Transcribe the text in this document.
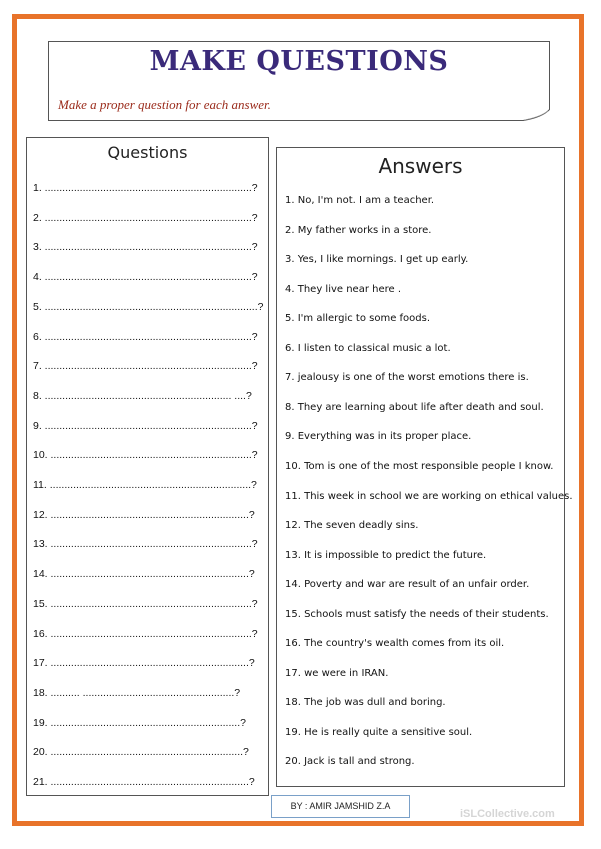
MAKE QUESTIONS
Make a proper question for each answer.
Questions
1. .......................................................................?
2. .......................................................................?
3. .......................................................................?
4. .......................................................................?
5. .........................................................................?
6. .......................................................................?
7. .......................................................................?
8. ................................................................ ....?
9. .......................................................................?
10. .....................................................................?
11. .....................................................................?
12. ....................................................................?
13. .....................................................................?
14. ....................................................................?
15. .....................................................................?
16. .....................................................................?
17. ....................................................................?
18. .......... ....................................................?
19. .................................................................?
20. ..................................................................?
21. ....................................................................?
Answers
1. No, I'm not. I am a teacher.
2. My father works in a store.
3. Yes, I like mornings. I get up early.
4. They live near here .
5. I'm allergic to some foods.
6. I listen to classical music a lot.
7. jealousy is one of the worst emotions there is.
8. They are learning about life after death and soul.
9. Everything was in its proper place.
10. Tom is one of the most responsible people I know.
11. This week in school we are working on ethical values.
12. The seven deadly sins.
13. It is impossible to predict the future.
14. Poverty and war are result of an unfair order.
15. Schools must satisfy the needs of their students.
16. The country's wealth comes from its oil.
17. we were in IRAN.
18. The job was dull and boring.
19. He is really quite a sensitive soul.
20. Jack is tall and strong.
BY : AMIR JAMSHID Z.A
iSLCollective.com
